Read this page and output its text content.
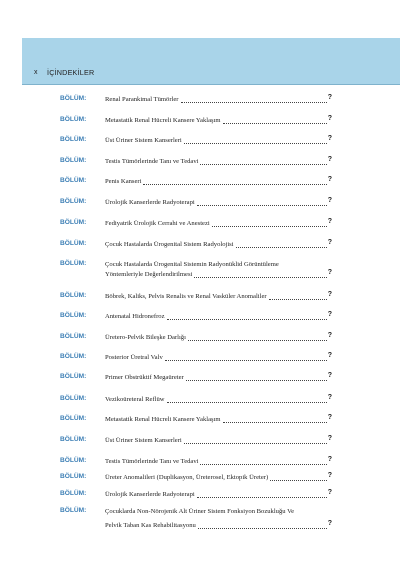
x İÇİNDEKİLER
BÖLÜM:	Renal Parankimal Tümörler	?
BÖLÜM:	Metastatik Renal Hücreli Kansere Yaklaşım	?
BÖLÜM:	Üst Üriner Sistem Kanserleri	?
BÖLÜM:	Testis Tümörlerinde Tanı ve Tedavi	?
BÖLÜM:	Penis Kanseri	?
BÖLÜM:	Ürolojik Kanserlerde Radyoterapi	?
BÖLÜM:	Fediyatrik Ürolojik Cerrahi ve Anestezi	?
BÖLÜM:	Çocuk Hastalarda Ürogenital Sistem Radyolojisi	?
BÖLÜM:	Çocuk Hastalarda Ürogenital Sistemin Radyonüklid Görüntüleme
Yöntemleriyle Değerlendirilmesi	?
BÖLÜM:	Böbrek, Kaliks, Pelvis Renalis ve Renal Vasküler Anomaliler	?
BÖLÜM:	Antenatal Hidronefroz	?
BÖLÜM:	Üretero-Pelvik Bileşke Darlığı	?
BÖLÜM:	Posterior Üretral Valv	?
BÖLÜM:	Primer Obstrüktif Megaüreter	?
BÖLÜM:	Vezikoüreteral Reflüw	?
BÖLÜM:	Metastatik Renal Hücreli Kansere Yaklaşım	?
BÖLÜM:	Üst Üriner Sistem Kanserleri	?
BÖLÜM:	Testis Tümörlerinde Tanı ve Tedavi	?
BÖLÜM:	Üreter Anomalileri (Duplikasyon, Üreterosel, Ektopik Üreter)	?
BÖLÜM:	Ürolojik Kanserlerde Radyoterapi	?
BÖLÜM:	Çocuklarda Non-Nörojenik Alt Üriner Sistem Fonksiyon Bozukluğu Ve
Pelvik Taban Kas Rehabilitasyonu	?
